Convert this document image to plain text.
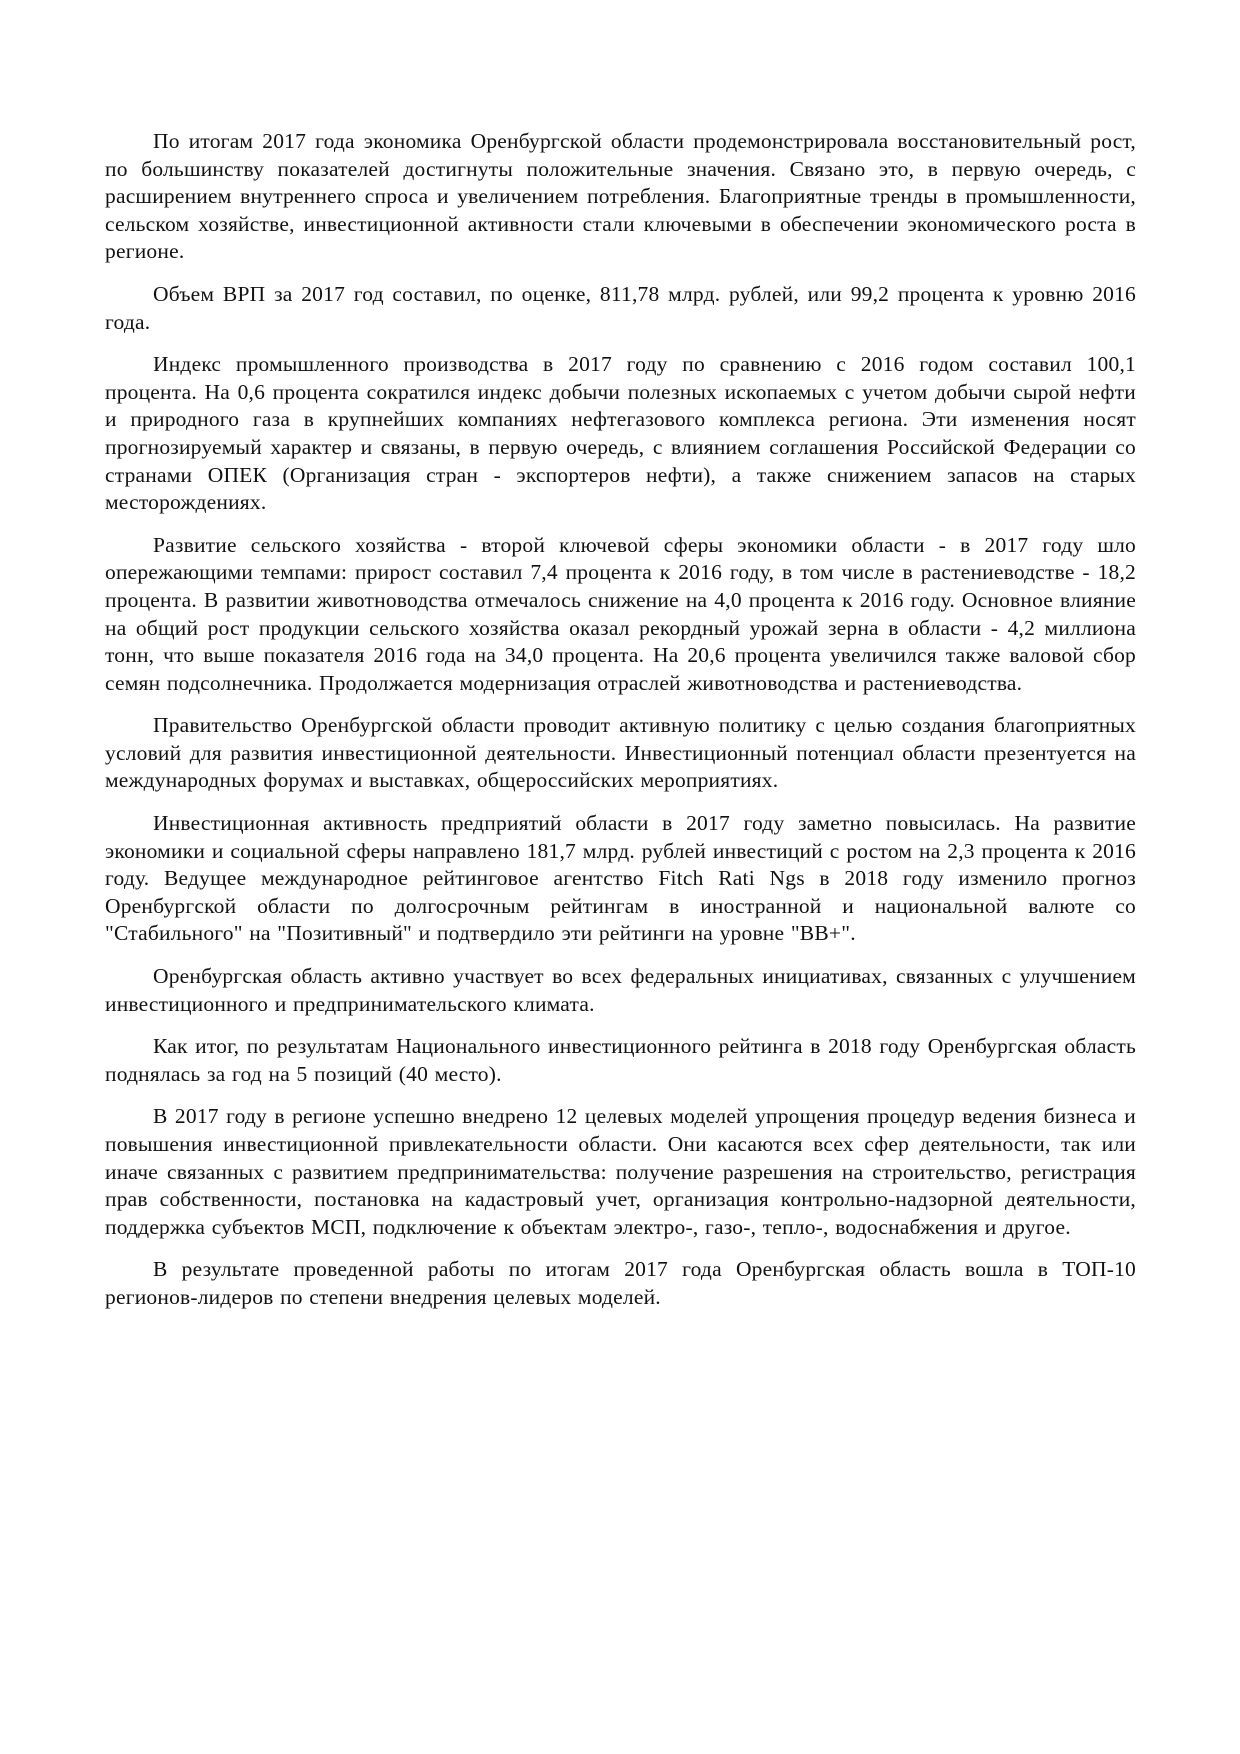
По итогам 2017 года экономика Оренбургской области продемонстрировала восстановительный рост, по большинству показателей достигнуты положительные значения. Связано это, в первую очередь, с расширением внутреннего спроса и увеличением потребления. Благоприятные тренды в промышленности, сельском хозяйстве, инвестиционной активности стали ключевыми в обеспечении экономического роста в регионе.

Объем ВРП за 2017 год составил, по оценке, 811,78 млрд. рублей, или 99,2 процента к уровню 2016 года.

Индекс промышленного производства в 2017 году по сравнению с 2016 годом составил 100,1 процента. На 0,6 процента сократился индекс добычи полезных ископаемых с учетом добычи сырой нефти и природного газа в крупнейших компаниях нефтегазового комплекса региона. Эти изменения носят прогнозируемый характер и связаны, в первую очередь, с влиянием соглашения Российской Федерации со странами ОПЕК (Организация стран - экспортеров нефти), а также снижением запасов на старых месторождениях.

Развитие сельского хозяйства - второй ключевой сферы экономики области - в 2017 году шло опережающими темпами: прирост составил 7,4 процента к 2016 году, в том числе в растениеводстве - 18,2 процента. В развитии животноводства отмечалось снижение на 4,0 процента к 2016 году. Основное влияние на общий рост продукции сельского хозяйства оказал рекордный урожай зерна в области - 4,2 миллиона тонн, что выше показателя 2016 года на 34,0 процента. На 20,6 процента увеличился также валовой сбор семян подсолнечника. Продолжается модернизация отраслей животноводства и растениеводства.

Правительство Оренбургской области проводит активную политику с целью создания благоприятных условий для развития инвестиционной деятельности. Инвестиционный потенциал области презентуется на международных форумах и выставках, общероссийских мероприятиях.

Инвестиционная активность предприятий области в 2017 году заметно повысилась. На развитие экономики и социальной сферы направлено 181,7 млрд. рублей инвестиций с ростом на 2,3 процента к 2016 году. Ведущее международное рейтинговое агентство Fitch Rati Ngs в 2018 году изменило прогноз Оренбургской области по долгосрочным рейтингам в иностранной и национальной валюте со "Стабильного" на "Позитивный" и подтвердило эти рейтинги на уровне "BB+".

Оренбургская область активно участвует во всех федеральных инициативах, связанных с улучшением инвестиционного и предпринимательского климата.

Как итог, по результатам Национального инвестиционного рейтинга в 2018 году Оренбургская область поднялась за год на 5 позиций (40 место).

В 2017 году в регионе успешно внедрено 12 целевых моделей упрощения процедур ведения бизнеса и повышения инвестиционной привлекательности области. Они касаются всех сфер деятельности, так или иначе связанных с развитием предпринимательства: получение разрешения на строительство, регистрация прав собственности, постановка на кадастровый учет, организация контрольно-надзорной деятельности, поддержка субъектов МСП, подключение к объектам электро-, газо-, тепло-, водоснабжения и другое.

В результате проведенной работы по итогам 2017 года Оренбургская область вошла в ТОП-10 регионов-лидеров по степени внедрения целевых моделей.
